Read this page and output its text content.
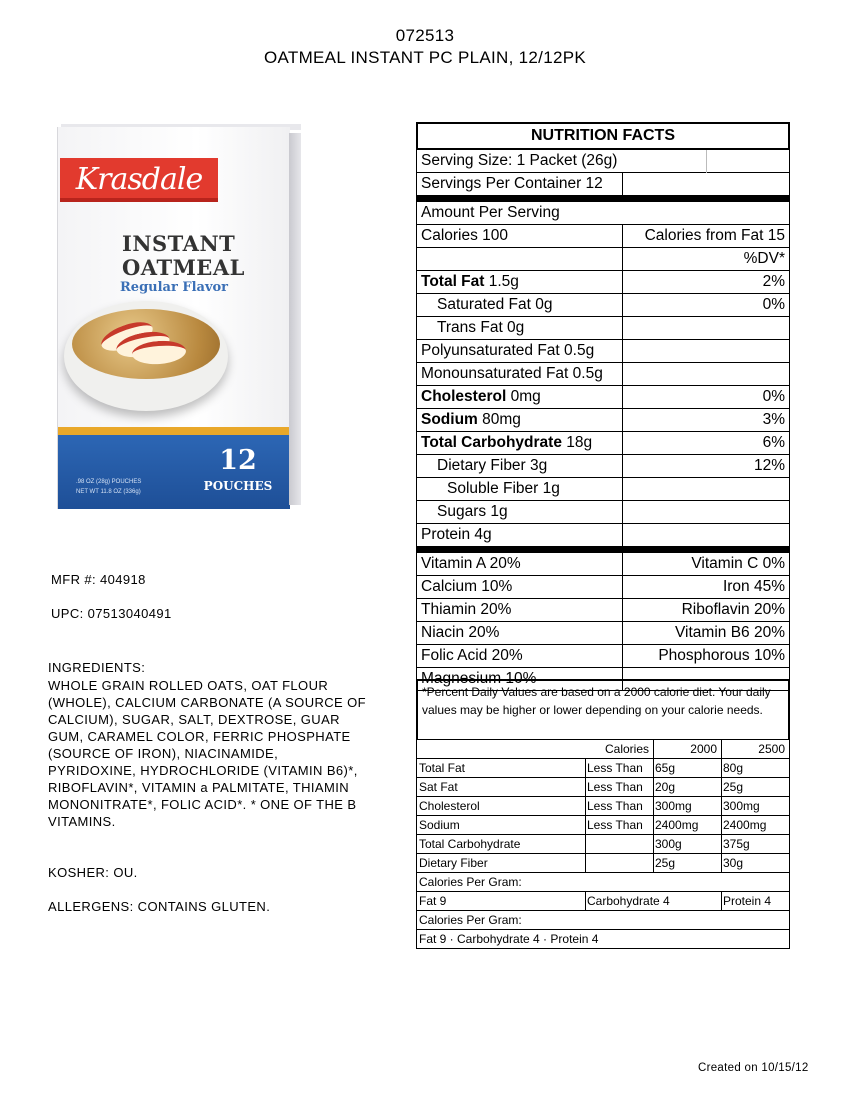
072513
OATMEAL INSTANT PC PLAIN, 12/12PK
Krasdale
INSTANT
OATMEAL
Regular Flavor
.98 OZ (28g) POUCHES
NET WT 11.8 OZ (336g)
12
POUCHES
MFR #: 404918
UPC: 07513040491
INGREDIENTS:
WHOLE GRAIN ROLLED OATS, OAT FLOUR (WHOLE), CALCIUM CARBONATE (A SOURCE OF CALCIUM), SUGAR, SALT, DEXTROSE, GUAR GUM, CARAMEL COLOR, FERRIC PHOSPHATE (SOURCE OF IRON), NIACINAMIDE, PYRIDOXINE, HYDROCHLORIDE (VITAMIN B6)*, RIBOFLAVIN*, VITAMIN a PALMITATE, THIAMIN MONONITRATE*, FOLIC ACID*. * ONE OF THE B VITAMINS.
KOSHER: OU.
ALLERGENS: CONTAINS GLUTEN.
Created on 10/15/12
NUTRITION FACTS
Serving Size: 1 Packet (26g)
Servings Per Container 12
Amount Per Serving
Calories 100	Calories from Fat 15
%DV*
Total Fat 1.5g	2%
Saturated Fat 0g	0%
Trans Fat 0g
Polyunsaturated Fat 0.5g
Monounsaturated Fat 0.5g
Cholesterol 0mg	0%
Sodium 80mg	3%
Total Carbohydrate 18g	6%
Dietary Fiber 3g	12%
Soluble Fiber 1g
Sugars 1g
Protein 4g
Vitamin A 20%	Vitamin C 0%
Calcium 10%	Iron 45%
Thiamin 20%	Riboflavin 20%
Niacin 20%	Vitamin B6 20%
Folic Acid 20%	Phosphorous 10%
Magnesium 10%
*Percent Daily Values are based on a 2000 calorie diet. Your daily values may be higher or lower depending on your calorie needs.
Calories	2000	2500
Total Fat	Less Than 65g	80g
Sat Fat	Less Than 20g	25g
Cholesterol	Less Than 300mg	300mg
Sodium	Less Than 2400mg 2400mg
Total Carbohydrate	300g	375g
Dietary Fiber	25g	30g
Calories Per Gram:
Fat 9	Carbohydrate 4	Protein 4
Calories Per Gram:
Fat 9 · Carbohydrate 4 · Protein 4
